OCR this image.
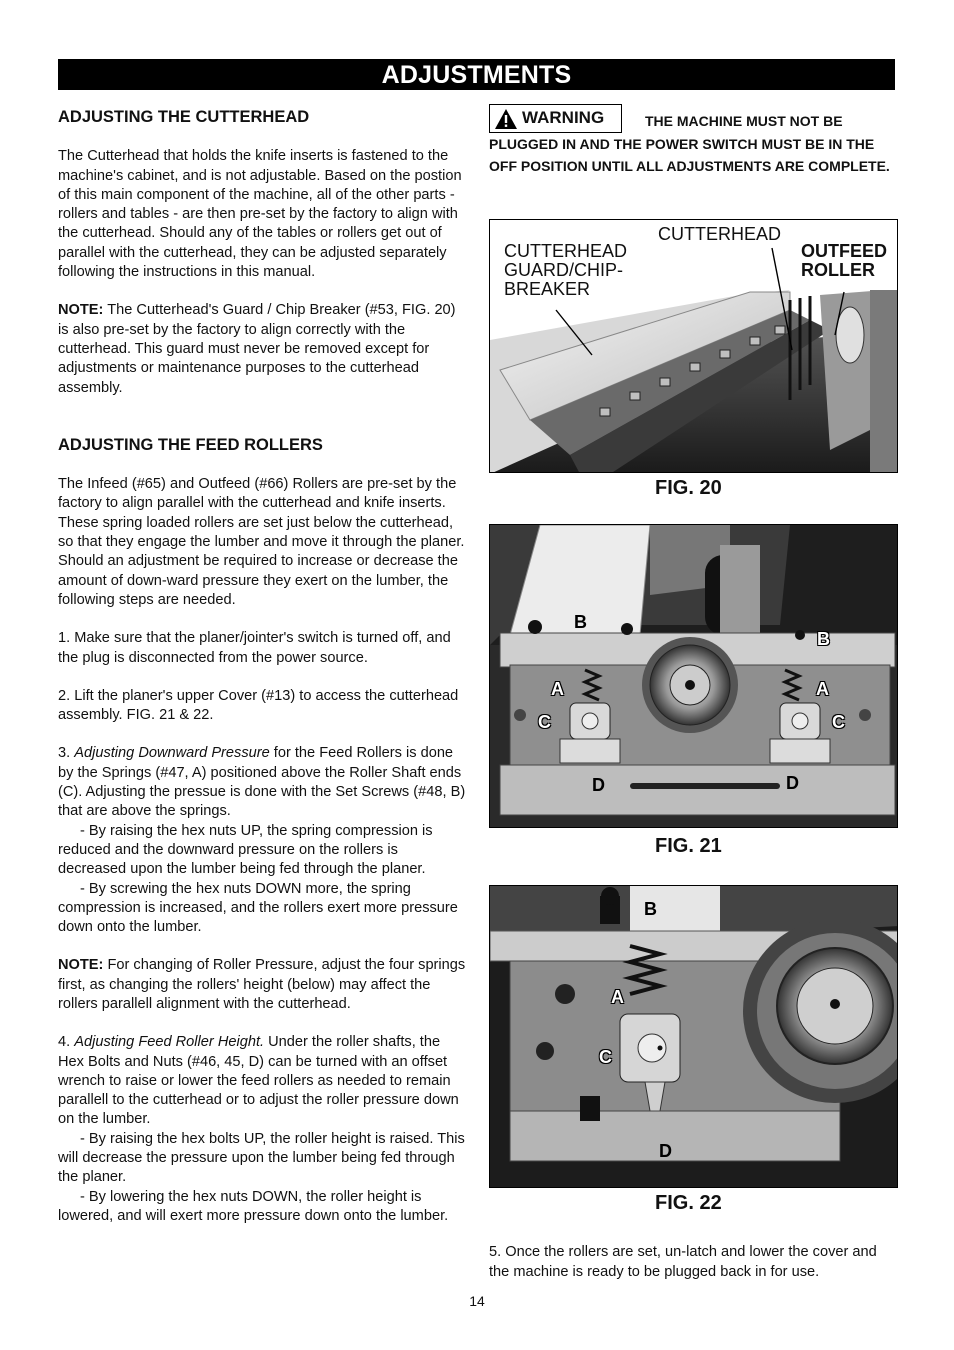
ADJUSTMENTS
ADJUSTING THE CUTTERHEAD

The Cutterhead that holds the knife inserts is fastened to the machine's cabinet, and is not adjustable. Based on the postion of this main component of the machine, all of the other parts - rollers and tables - are then pre-set by the factory to align with the cutterhead. Should any of the tables or rollers get out of parallel with the cutterhead, they can be adjusted separately following the instructions in this manual.

NOTE: The Cutterhead's Guard / Chip Breaker (#53, FIG. 20) is also pre-set by the factory to align correctly with the cutterhead. This guard must never be removed except for adjustments or maintenance purposes to the cutterhead assembly.

ADJUSTING THE FEED ROLLERS

The Infeed (#65) and Outfeed (#66) Rollers are pre-set by the factory to align parallel with the cutterhead and knife inserts. These spring loaded rollers are set just below the cutterhead, so that they engage the lumber and move it through the planer. Should an adjustment be required to increase or decrease the amount of down-ward pressure they exert on the lumber, the following steps are needed.

1. Make sure that the planer/jointer's switch is turned off, and the plug is disconnected from the power source.

2. Lift the planer's upper Cover (#13) to access the cutterhead assembly. FIG. 21 & 22.

3. Adjusting Downward Pressure for the Feed Rollers is done by the Springs (#47, A) positioned above the Roller Shaft ends (C). Adjusting the pressue is done with the Set Screws (#48, B) that are above the springs.

- By raising the hex nuts UP, the spring compression is reduced and the downward pressure on the rollers is decreased upon the lumber being fed through the planer.

- By screwing the hex nuts DOWN more, the spring compression is increased, and the rollers exert more pressure down onto the lumber.

NOTE: For changing of Roller Pressure, adjust the four springs first, as changing the rollers' height (below) may affect the rollers parallell alignment with the cutterhead.

4. Adjusting Feed Roller Height. Under the roller shafts, the Hex Bolts and Nuts (#46, 45, D) can be turned with an offset wrench to raise or lower the feed rollers as needed to remain parallell to the cutterhead or to adjust the roller pressure down on the lumber.

- By raising the hex bolts UP, the roller height is raised. This will decrease the pressure upon the lumber being fed through the planer.

- By lowering the hex nuts DOWN, the roller height is lowered, and will exert more pressure down onto the lumber.

WARNING	THE MACHINE MUST NOT BE PLUGGED IN AND THE POWER SWITCH MUST BE IN THE OFF POSITION UNTIL ALL ADJUSTMENTS ARE COMPLETE.
CUTTERHEAD
CUTTERHEAD
GUARD/CHIP-
BREAKER
OUTFEED
ROLLER
FIG. 20
B
B
A	A
C	C
D	D
FIG. 21
B
A
C
D
FIG. 22
5. Once the rollers are set, un-latch and lower the cover and the machine is ready to be plugged back in for use.
14
